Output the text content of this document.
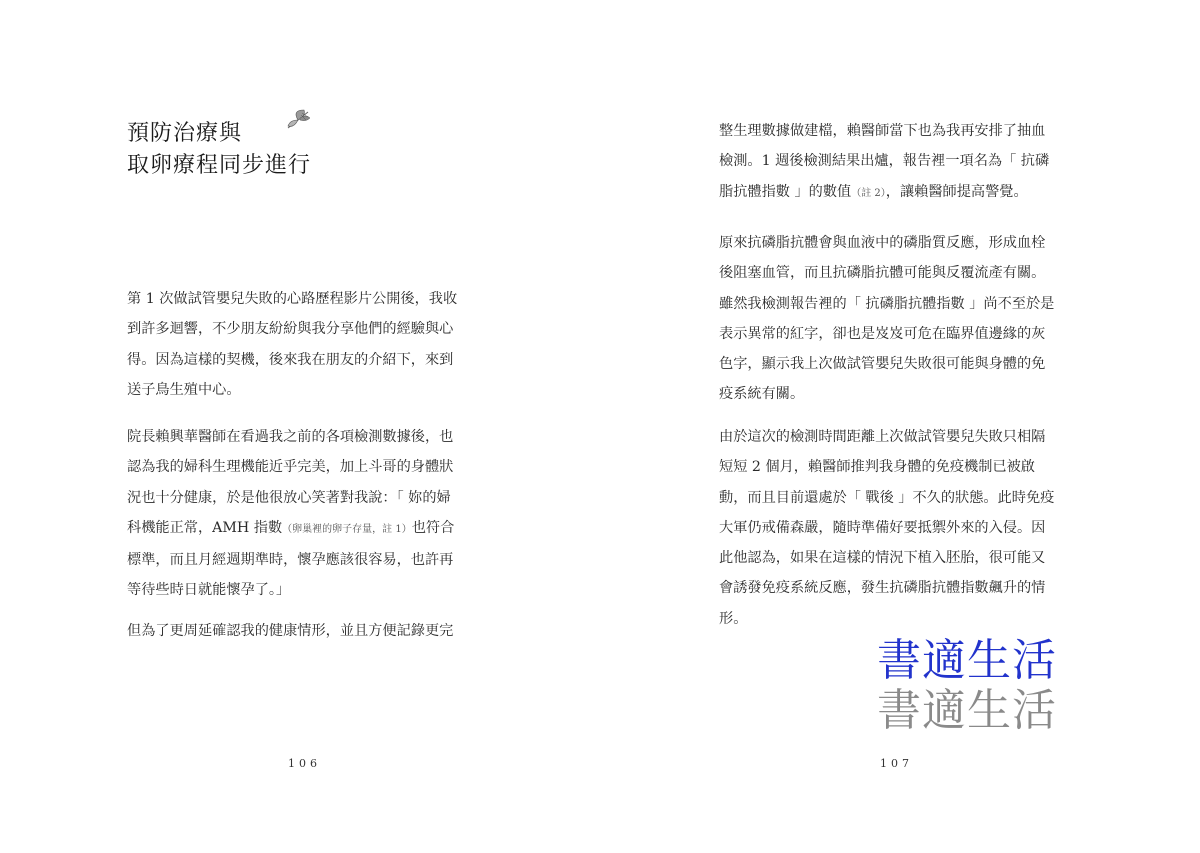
預防治療與
取卵療程同步進行

第 1 次做試管嬰兒失敗的心路歷程影片公開後，我收
到許多迴響，不少朋友紛紛與我分享他們的經驗與心
得。因為這樣的契機，後來我在朋友的介紹下，來到
送子鳥生殖中心。

院長賴興華醫師在看過我之前的各項檢測數據後，也
認為我的婦科生理機能近乎完美，加上斗哥的身體狀
況也十分健康，於是他很放心笑著對我說：「 妳的婦
科機能正常，AMH 指數（卵巢裡的卵子存量，註 1）也符合
標準，而且月經週期準時，懷孕應該很容易，也許再
等待些時日就能懷孕了。」

但為了更周延確認我的健康情形，並且方便記錄更完

106

整生理數據做建檔，賴醫師當下也為我再安排了抽血
檢測。1 週後檢測結果出爐，報告裡一項名為「 抗磷
脂抗體指數 」的數值（註 2），讓賴醫師提高警覺。

原來抗磷脂抗體會與血液中的磷脂質反應，形成血栓
後阻塞血管，而且抗磷脂抗體可能與反覆流產有關。
雖然我檢測報告裡的「 抗磷脂抗體指數 」尚不至於是
表示異常的紅字，卻也是岌岌可危在臨界值邊緣的灰
色字，顯示我上次做試管嬰兒失敗很可能與身體的免
疫系統有關。

由於這次的檢測時間距離上次做試管嬰兒失敗只相隔
短短 2 個月，賴醫師推判我身體的免疫機制已被啟
動，而且目前還處於「 戰後 」不久的狀態。此時免疫
大軍仍戒備森嚴，隨時準備好要抵禦外來的入侵。因
此他認為，如果在這樣的情況下植入胚胎，很可能又
會誘發免疫系統反應，發生抗磷脂抗體指數飆升的情
形。

書適生活
書適生活
107
